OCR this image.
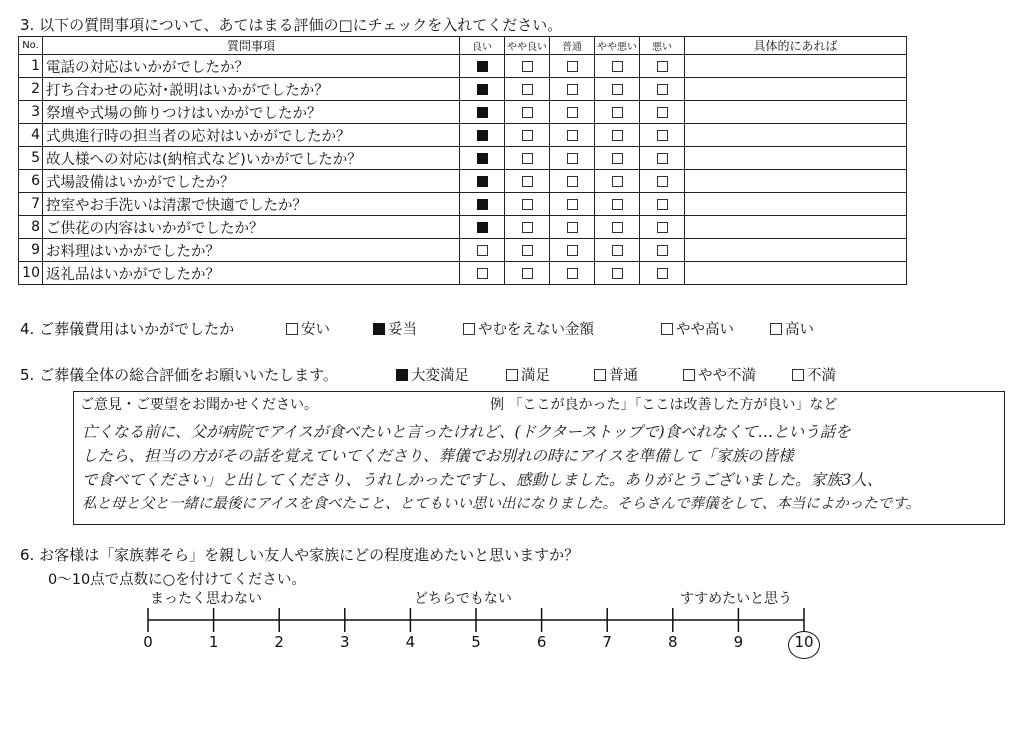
3. 以下の質問事項について、あてはまる評価の□にチェックを入れてください。
No.	質問事項	良い	やや良い	普通	やや悪い	悪い	具体的にあれば
1	電話の対応はいかがでしたか？						
2	打ち合わせの応対･説明はいかがでしたか？						
3	祭壇や式場の飾りつけはいかがでしたか？						
4	式典進行時の担当者の応対はいかがでしたか？						
5	故人様への対応は(納棺式など)いかがでしたか？						
6	式場設備はいかがでしたか？						
7	控室やお手洗いは清潔で快適でしたか？						
8	ご供花の内容はいかがでしたか？						
9	お料理はいかがでしたか？						
10	返礼品はいかがでしたか？						
4. ご葬儀費用はいかがでしたか	安い	妥当	やむをえない金額	やや高い	高い
5. ご葬儀全体の総合評価をお願いいたします。	大変満足	満足	普通	やや不満	不満
ご意見・ご要望をお聞かせください。	例 「ここが良かった」「ここは改善した方が良い」など
亡くなる前に、父が病院でアイスが食べたいと言ったけれど、(ドクターストップで)食べれなくて…という話を
したら、担当の方がその話を覚えていてくださり、葬儀でお別れの時にアイスを準備して「家族の皆様
で食べてください」と出してくださり、うれしかったですし、感動しました。ありがとうございました。家族3人、
私と母と父と一緒に最後にアイスを食べたこと、とてもいい思い出になりました。そらさんで葬儀をして、本当によかったです。
6. お客様は「家族葬そら」を親しい友人や家族にどの程度進めたいと思いますか？
0～10点で点数に○を付けてください。
まったく思わない	どちらでもない	すすめたいと思う
0	1	2	3	4	5	6	7	8	9	10
